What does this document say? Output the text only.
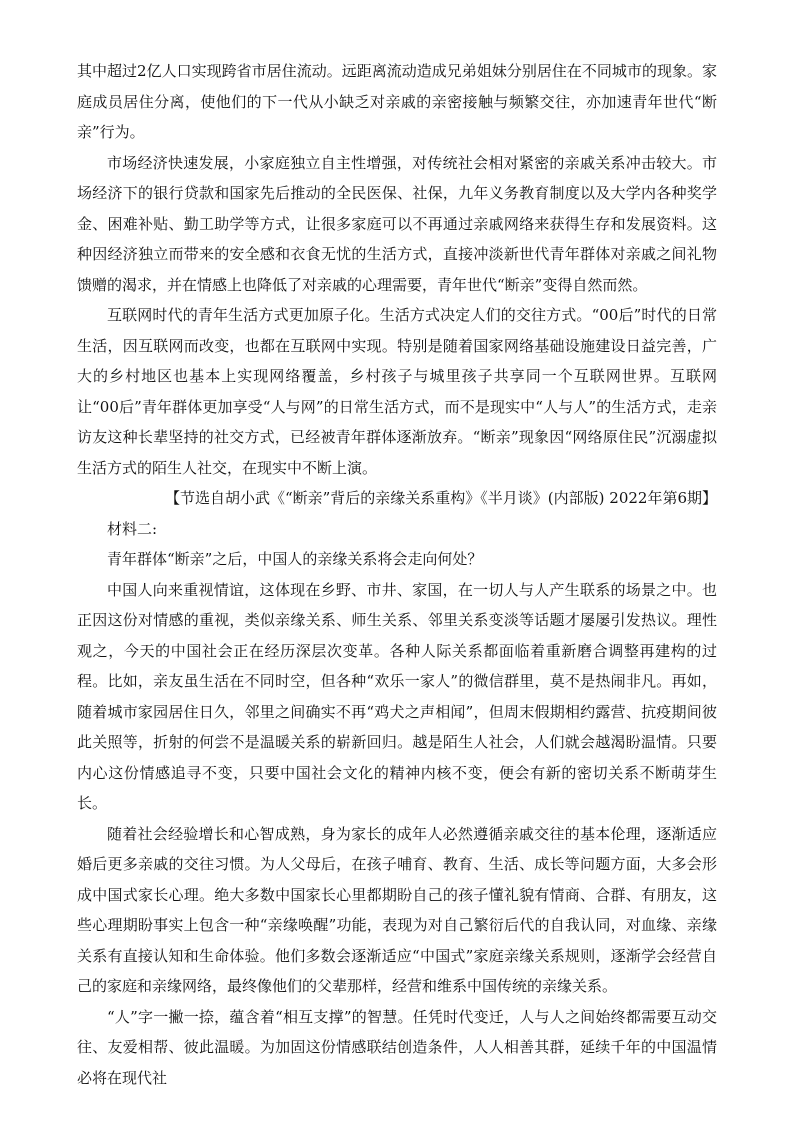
其中超过2亿人口实现跨省市居住流动。远距离流动造成兄弟姐妹分别居住在不同城市的现象。家庭成员居住分离，使他们的下一代从小缺乏对亲戚的亲密接触与频繁交往，亦加速青年世代“断亲”行为。

市场经济快速发展，小家庭独立自主性增强，对传统社会相对紧密的亲戚关系冲击较大。市场经济下的银行贷款和国家先后推动的全民医保、社保，九年义务教育制度以及大学内各种奖学金、困难补贴、勤工助学等方式，让很多家庭可以不再通过亲戚网络来获得生存和发展资料。这种因经济独立而带来的安全感和衣食无忧的生活方式，直接冲淡新世代青年群体对亲戚之间礼物馈赠的渴求，并在情感上也降低了对亲戚的心理需要，青年世代“断亲”变得自然而然。

互联网时代的青年生活方式更加原子化。生活方式决定人们的交往方式。“00后”时代的日常生活，因互联网而改变，也都在互联网中实现。特别是随着国家网络基础设施建设日益完善，广大的乡村地区也基本上实现网络覆盖，乡村孩子与城里孩子共享同一个互联网世界。互联网让“00后”青年群体更加享受“人与网”的日常生活方式，而不是现实中“人与人”的生活方式，走亲访友这种长辈坚持的社交方式，已经被青年群体逐渐放弃。“断亲”现象因“网络原住民”沉溺虚拟生活方式的陌生人社交，在现实中不断上演。

【节选自胡小武《“断亲”背后的亲缘关系重构》《半月谈》(内部版) 2022年第6期】

材料二:

青年群体“断亲”之后，中国人的亲缘关系将会走向何处？

中国人向来重视情谊，这体现在乡野、市井、家国，在一切人与人产生联系的场景之中。也正因这份对情感的重视，类似亲缘关系、师生关系、邻里关系变淡等话题才屡屡引发热议。理性观之，今天的中国社会正在经历深层次变革。各种人际关系都面临着重新磨合调整再建构的过程。比如，亲友虽生活在不同时空，但各种“欢乐一家人”的微信群里，莫不是热闹非凡。再如，随着城市家园居住日久，邻里之间确实不再“鸡犬之声相闻”，但周末假期相约露营、抗疫期间彼此关照等，折射的何尝不是温暖关系的崭新回归。越是陌生人社会，人们就会越渴盼温情。只要内心这份情感追寻不变，只要中国社会文化的精神内核不变，便会有新的密切关系不断萌芽生长。

随着社会经验增长和心智成熟，身为家长的成年人必然遵循亲戚交往的基本伦理，逐渐适应婚后更多亲戚的交往习惯。为人父母后，在孩子哺育、教育、生活、成长等问题方面，大多会形成中国式家长心理。绝大多数中国家长心里都期盼自己的孩子懂礼貌有情商、合群、有朋友，这些心理期盼事实上包含一种“亲缘唤醒”功能，表现为对自己繁衍后代的自我认同，对血缘、亲缘关系有直接认知和生命体验。他们多数会逐渐适应“中国式”家庭亲缘关系规则，逐渐学会经营自己的家庭和亲缘网络，最终像他们的父辈那样，经营和维系中国传统的亲缘关系。

“人”字一撇一捺，蕴含着“相互支撑”的智慧。任凭时代变迁，人与人之间始终都需要互动交往、友爱相帮、彼此温暖。为加固这份情感联结创造条件，人人相善其群，延续千年的中国温情必将在现代社
